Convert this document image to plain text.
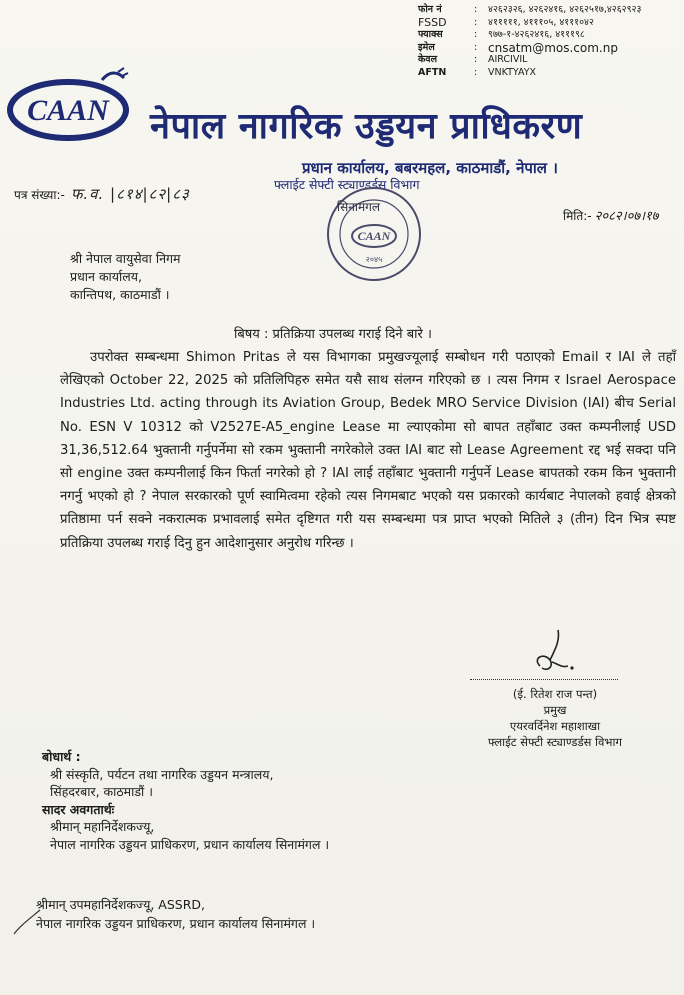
फोन नं	:	४२६२३२६, ४२६२४१६, ४२६२५१७,४२६२९२३
FSSD	:	४१११११, ४१११०५, ४१११०४२
फ्याक्स	:	९७७-१-४२६२४१६, ४१११९८
इमेल	: cnsatm@mos.com.np
केवल	:	AIRCIVIL
AFTN	:	VNKTYAYX
CAAN नेपाल नागरिक उड्डयन प्राधिकरण
प्रधान कार्यालय, बबरमहल, काठमाडौं, नेपाल ।
फ्लाईट सेफ्टी स्ट्याण्डर्डस विभाग
पत्र संख्या:- फ.व. |८१४|८२|८३
CAAN
२०४५
सिनामंगल
मिति:- २०८२।०७।१७
श्री नेपाल वायुसेवा निगम
प्रधान कार्यालय,
कान्तिपथ, काठमाडौं ।
बिषय : प्रतिक्रिया उपलब्ध गराई दिने बारे ।
उपरोक्त सम्बन्धमा Shimon Pritas ले यस विभागका प्रमुखज्यूलाई सम्बोधन गरी पठाएको Email र IAI ले तहाँ लेखिएको October 22, 2025 को प्रतिलिपिहरु समेत यसै साथ संलग्न गरिएको छ । त्यस निगम र Israel Aerospace Industries Ltd. acting through its Aviation Group, Bedek MRO Service Division (IAI) बीच Serial No. ESN V 10312 को V2527E-A5_engine Lease मा ल्याएकोमा सो बापत तहाँबाट उक्त कम्पनीलाई USD 31,36,512.64 भुक्तानी गर्नुपर्नेमा सो रकम भुक्तानी नगरेकोले उक्त IAI बाट सो Lease Agreement रद्द भई सक्दा पनि सो engine उक्त कम्पनीलाई किन फिर्ता नगरेको हो ? IAI लाई तहाँबाट भुक्तानी गर्नुपर्ने Lease बापतको रकम किन भुक्तानी नगर्नु भएको हो ? नेपाल सरकारको पूर्ण स्वामित्वमा रहेको त्यस निगमबाट भएको यस प्रकारको कार्यबाट नेपालको हवाई क्षेत्रको प्रतिष्ठामा पर्न सक्ने नकरात्मक प्रभावलाई समेत दृष्टिगत गरी यस सम्बन्धमा पत्र प्राप्त भएको मितिले ३ (तीन) दिन भित्र स्पष्ट प्रतिक्रिया उपलब्ध गराई दिनु हुन आदेशानुसार अनुरोध गरिन्छ ।
(ई. रितेश राज पन्त)
प्रमुख
एयरवर्दिनेश महाशाखा
फ्लाईट सेफ्टी स्ट्याण्डर्डस विभाग
बोधार्थ :
श्री संस्कृति, पर्यटन तथा नागरिक उड्डयन मन्त्रालय,
सिंहदरबार, काठमाडौं ।
सादर अवगतार्थः
श्रीमान् महानिर्देशकज्यू,
नेपाल नागरिक उड्डयन प्राधिकरण, प्रधान कार्यालय सिनामंगल ।
श्रीमान् उपमहानिर्देशकज्यू, ASSRD,
नेपाल नागरिक उड्डयन प्राधिकरण, प्रधान कार्यालय सिनामंगल ।
